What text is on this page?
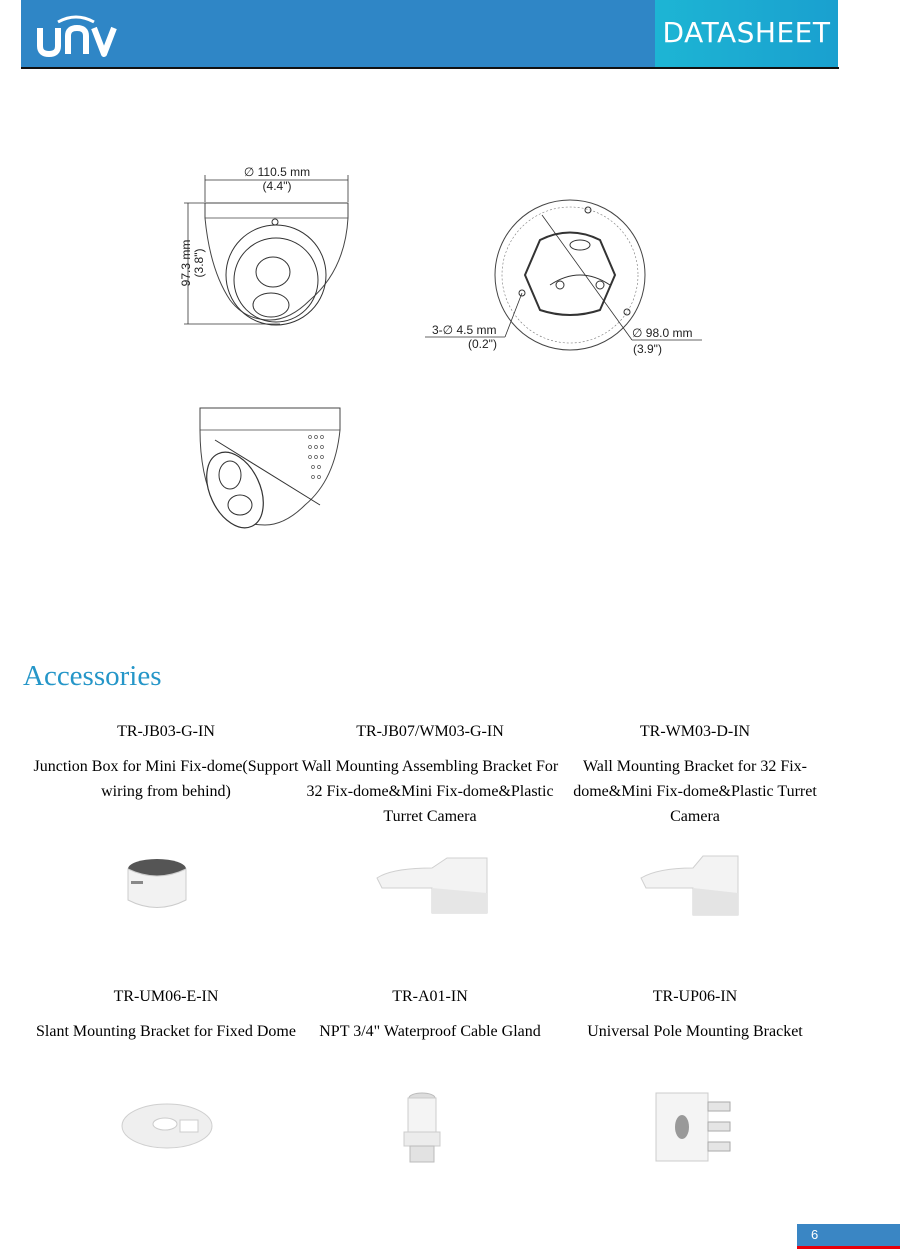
DATASHEET
∅ 110.5 mm
(4.4")
97.3 mm (3.8")
3-∅ 4.5 mm
(0.2")
∅ 98.0 mm
(3.9")
Accessories
TR-JB03-G-IN
Junction Box for Mini Fix-dome(Support wiring from behind)
TR-JB07/WM03-G-IN
Wall Mounting Assembling Bracket For 32 Fix-dome&Mini Fix-dome&Plastic Turret Camera
TR-WM03-D-IN
Wall Mounting Bracket for 32 Fix-dome&Mini Fix-dome&Plastic Turret Camera
TR-UM06-E-IN
Slant Mounting Bracket for Fixed Dome
TR-A01-IN
NPT 3/4" Waterproof Cable Gland
TR-UP06-IN
Universal Pole Mounting Bracket
6
